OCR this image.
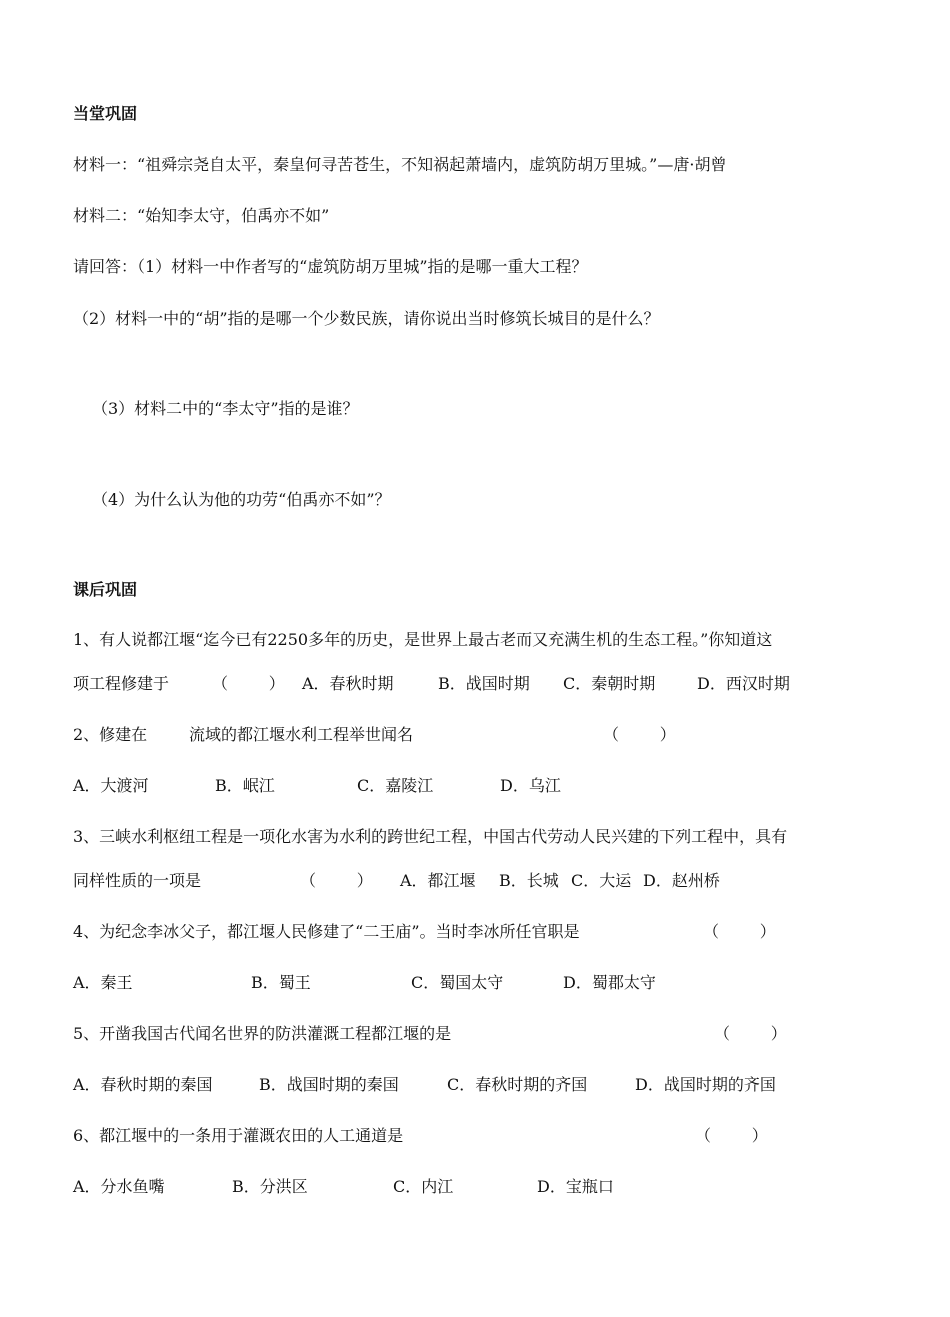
当堂巩固
材料一：“祖舜宗尧自太平，秦皇何寻苦苍生，不知祸起萧墙内，虚筑防胡万里城。”—唐·胡曾
材料二：“始知李太守，伯禹亦不如”
请回答：（1）材料一中作者写的“虚筑防胡万里城”指的是哪一重大工程？
（2）材料一中的“胡”指的是哪一个少数民族，请你说出当时修筑长城目的是什么？
（3）材料二中的“李太守”指的是谁？
（4）为什么认为他的功劳“伯禹亦不如”？
课后巩固
1、有人说都江堰“迄今已有2250多年的历史，是世界上最古老而又充满生机的生态工程。”你知道这
项工程修建于	（        ） A．春秋时期	B．战国时期 C．秦朝时期	D．西汉时期
2、修建在	流域的都江堰水利工程举世闻名	（        ）
A．大渡河	B．岷江	C．嘉陵江	D．乌江
3、三峡水利枢纽工程是一项化水害为水利的跨世纪工程，中国古代劳动人民兴建的下列工程中，具有
同样性质的一项是	（        ） A．都江堰 B．长城 C．大运 D．赵州桥
4、为纪念李冰父子，都江堰人民修建了“二王庙”。当时李冰所任官职是	（        ）
A．秦王	B．蜀王	C．蜀国太守	D．蜀郡太守
5、开凿我国古代闻名世界的防洪灌溉工程都江堰的是	（        ）
A．春秋时期的秦国	B．战国时期的秦国	C．春秋时期的齐国	D．战国时期的齐国
6、都江堰中的一条用于灌溉农田的人工通道是	（        ）
A．分水鱼嘴	B．分洪区	C．内江	D．宝瓶口
